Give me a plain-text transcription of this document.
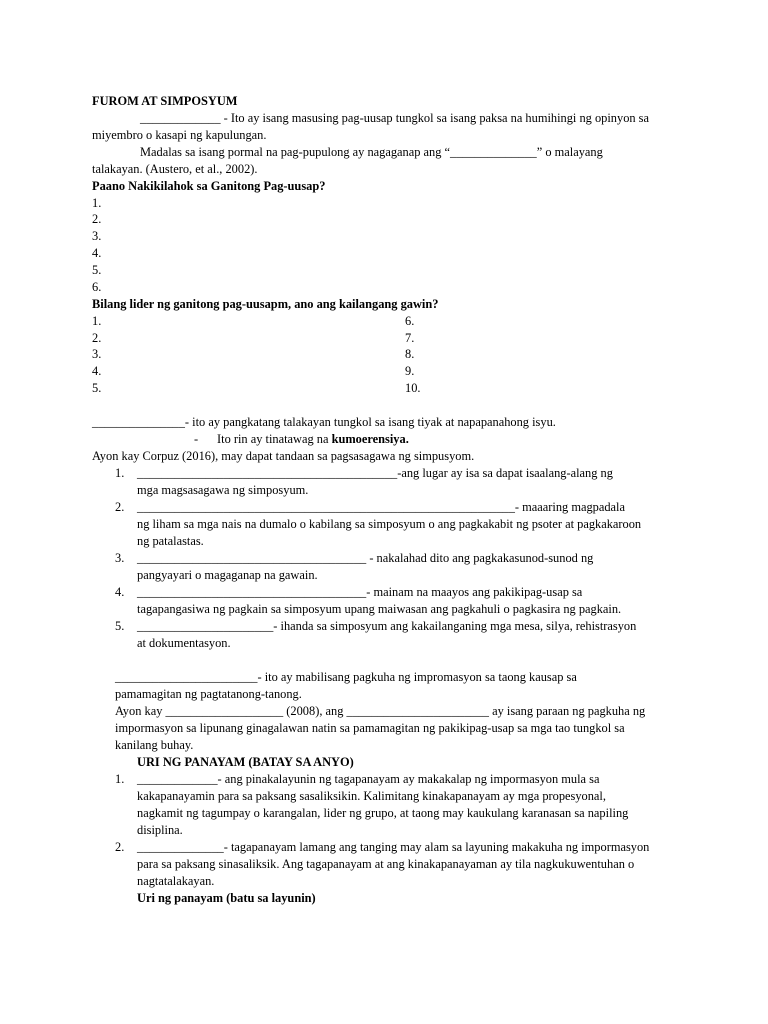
FUROM AT SIMPOSYUM
_____________ - Ito ay isang masusing pag-uusap tungkol sa isang paksa na humihingi ng opinyon sa
miyembro o kasapi ng kapulungan.
Madalas sa isang pormal na pag-pupulong ay nagaganap ang “______________” o malayang
talakayan. (Austero, et al., 2002).
Paano Nakikilahok sa Ganitong Pag-uusap?
1.
2.
3.
4.
5.
6.
Bilang lider ng ganitong pag-uusapm, ano ang kailangang gawin?
1.
2.
3.
4.
5.
6.
7.
8.
9.
10.
_______________- ito ay pangkatang talakayan tungkol sa isang tiyak at napapanahong isyu.
- Ito rin ay tinatawag na kumoerensiya.
Ayon kay Corpuz (2016), may dapat tandaan sa pagsasagawa ng simpusyom.
1. __________________________________________-ang lugar ay isa sa dapat isaalang-alang ng
mga magsasagawa ng simposyum.
2. _____________________________________________________________- maaaring magpadala
ng liham sa mga nais na dumalo o kabilang sa simposyum o ang pagkakabit ng psoter at pagkakaroon
ng patalastas.
3. _____________________________________ - nakalahad dito ang pagkakasunod-sunod ng
pangyayari o magaganap na gawain.
4. _____________________________________- mainam na maayos ang pakikipag-usap sa
tagapangasiwa ng pagkain sa simposyum upang maiwasan ang pagkahuli o pagkasira ng pagkain.
5. ______________________- ihanda sa simposyum ang kakailanganing mga mesa, silya, rehistrasyon
at dokumentasyon.
_______________________- ito ay mabilisang pagkuha ng impromasyon sa taong kausap sa
pamamagitan ng pagtatanong-tanong.
Ayon kay ___________________ (2008), ang _______________________ ay isang paraan ng pagkuha ng
impormasyon sa lipunang ginagalawan natin sa pamamagitan ng pakikipag-usap sa mga tao tungkol sa
kanilang buhay.
URI NG PANAYAM (BATAY SA ANYO)
1. _____________- ang pinakalayunin ng tagapanayam ay makakalap ng impormasyon mula sa
kakapanayamin para sa paksang sasaliksikin. Kalimitang kinakapanayam ay mga propesyonal,
nagkamit ng tagumpay o karangalan, lider ng grupo, at taong may kaukulang karanasan sa napiling
disiplina.
2. ______________- tagapanayam lamang ang tanging may alam sa layuning makakuha ng impormasyon
para sa paksang sinasaliksik. Ang tagapanayam at ang kinakapanayaman ay tila nagkukuwentuhan o
nagtatalakayan.
Uri ng panayam (batu sa layunin)
